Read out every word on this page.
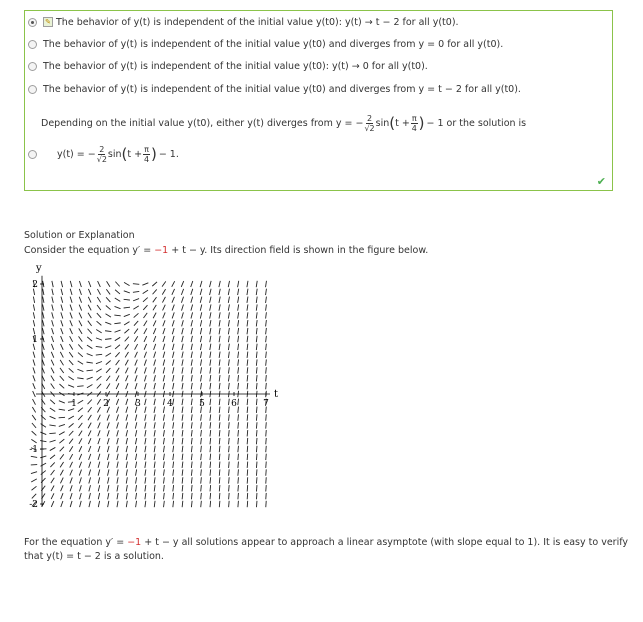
✎ The behavior of y(t) is independent of the initial value y(t0): y(t) → t − 2 for all y(t0).
The behavior of y(t) is independent of the initial value y(t0) and diverges from y = 0 for all y(t0).
The behavior of y(t) is independent of the initial value y(t0): y(t) → 0 for all y(t0).
The behavior of y(t) is independent of the initial value y(t0) and diverges from y = t − 2 for all y(t0).
Depending on the initial value y(t0), either y(t) diverges from y = − $\frac{2}{√2}$ sin ( $t + \frac{\pi}{4}$ ) − 1 or the solution is
y(t) = − $\frac{2}{√2}$ sin ( $t + \frac{\pi}{4}$ ) − 1.
✔
Solution or Explanation
Consider the equation y′ = −1 + t − y. Its direction field is shown in the figure below.
t
y
1	2	3	4	5	6	7
-2
-1
1
2
For the equation y′ = −1 + t − y all solutions appear to approach a linear asymptote (with slope equal to 1). It is easy to verify that y(t) = t − 2 is a solution.
